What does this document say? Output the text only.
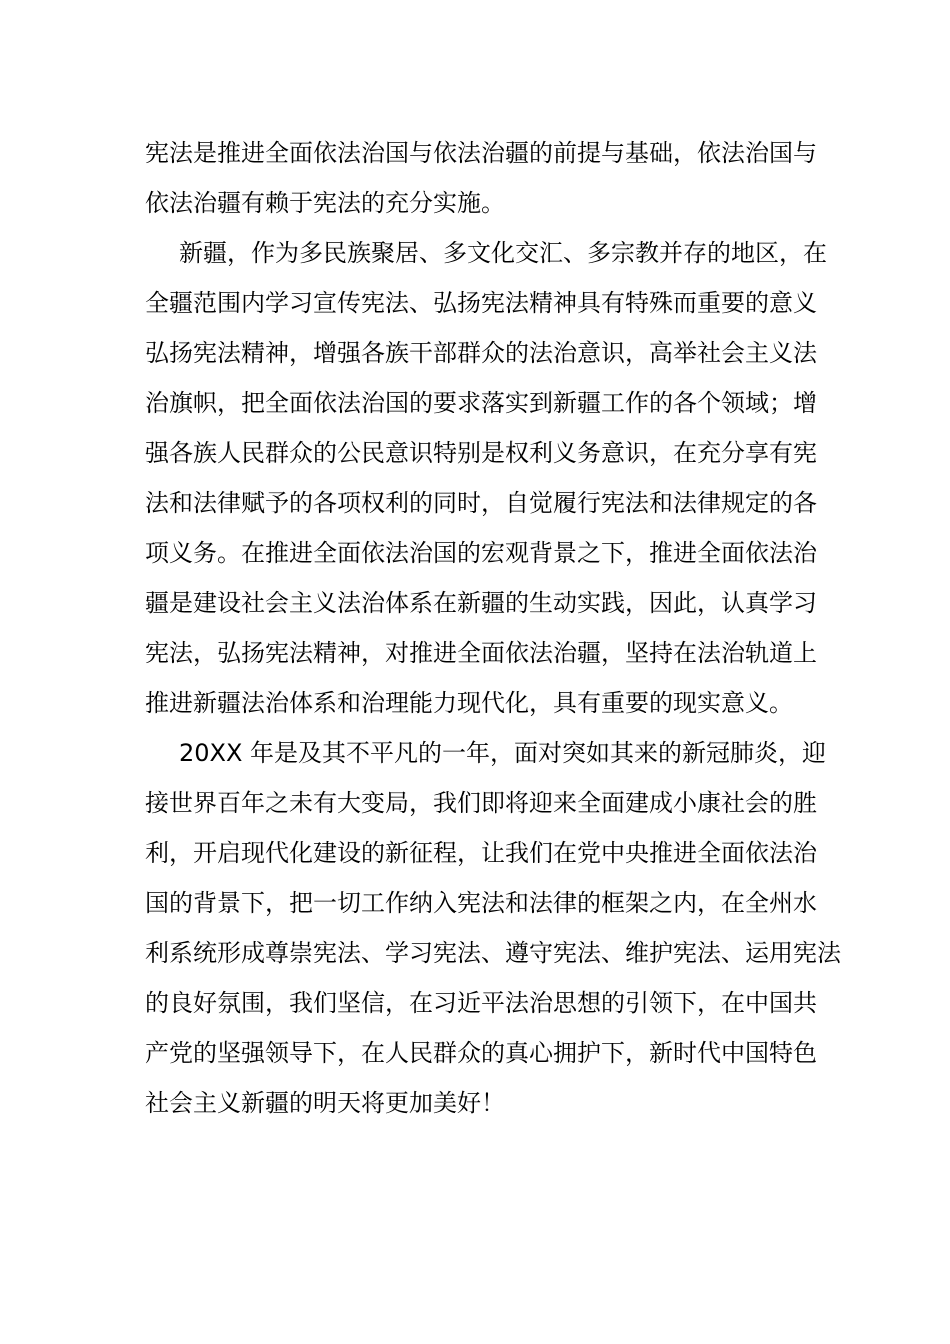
宪法是推进全面依法治国与依法治疆的前提与基础，依法治国与
依法治疆有赖于宪法的充分实施。
新疆，作为多民族聚居、多文化交汇、多宗教并存的地区，在
全疆范围内学习宣传宪法、弘扬宪法精神具有特殊而重要的意义
弘扬宪法精神，增强各族干部群众的法治意识，高举社会主义法
治旗帜，把全面依法治国的要求落实到新疆工作的各个领域；增
强各族人民群众的公民意识特别是权利义务意识，在充分享有宪
法和法律赋予的各项权利的同时，自觉履行宪法和法律规定的各
项义务。在推进全面依法治国的宏观背景之下，推进全面依法治
疆是建设社会主义法治体系在新疆的生动实践，因此，认真学习
宪法，弘扬宪法精神，对推进全面依法治疆，坚持在法治轨道上
推进新疆法治体系和治理能力现代化，具有重要的现实意义。
20XX 年是及其不平凡的一年，面对突如其来的新冠肺炎，迎
接世界百年之未有大变局，我们即将迎来全面建成小康社会的胜
利，开启现代化建设的新征程，让我们在党中央推进全面依法治
国的背景下，把一切工作纳入宪法和法律的框架之内，在全州水
利系统形成尊崇宪法、学习宪法、遵守宪法、维护宪法、运用宪法
的良好氛围，我们坚信，在习近平法治思想的引领下，在中国共
产党的坚强领导下，在人民群众的真心拥护下，新时代中国特色
社会主义新疆的明天将更加美好！
